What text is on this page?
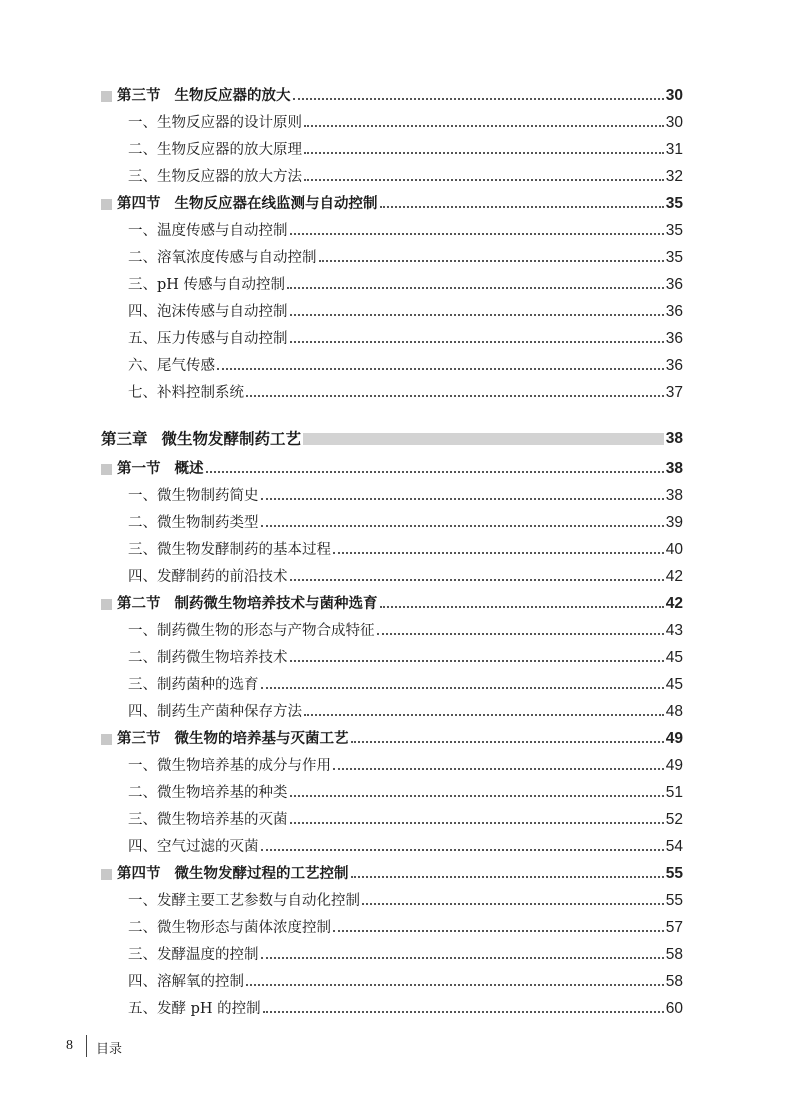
第三节 生物反应器的放大	30
一、生物反应器的设计原则	30
二、生物反应器的放大原理	31
三、生物反应器的放大方法	32
第四节 生物反应器在线监测与自动控制	35
一、温度传感与自动控制	35
二、溶氧浓度传感与自动控制	35
三、pH 传感与自动控制	36
四、泡沫传感与自动控制	36
五、压力传感与自动控制	36
六、尾气传感	36
七、补料控制系统	37
第三章 微生物发酵制药工艺	38
第一节 概述	38
一、微生物制药简史	38
二、微生物制药类型	39
三、微生物发酵制药的基本过程	40
四、发酵制药的前沿技术	42
第二节 制药微生物培养技术与菌种选育	42
一、制药微生物的形态与产物合成特征	43
二、制药微生物培养技术	45
三、制药菌种的选育	45
四、制药生产菌种保存方法	48
第三节 微生物的培养基与灭菌工艺	49
一、微生物培养基的成分与作用	49
二、微生物培养基的种类	51
三、微生物培养基的灭菌	52
四、空气过滤的灭菌	54
第四节 微生物发酵过程的工艺控制	55
一、发酵主要工艺参数与自动化控制	55
二、微生物形态与菌体浓度控制	57
三、发酵温度的控制	58
四、溶解氧的控制	58
五、发酵 pH 的控制	60
8 目录
